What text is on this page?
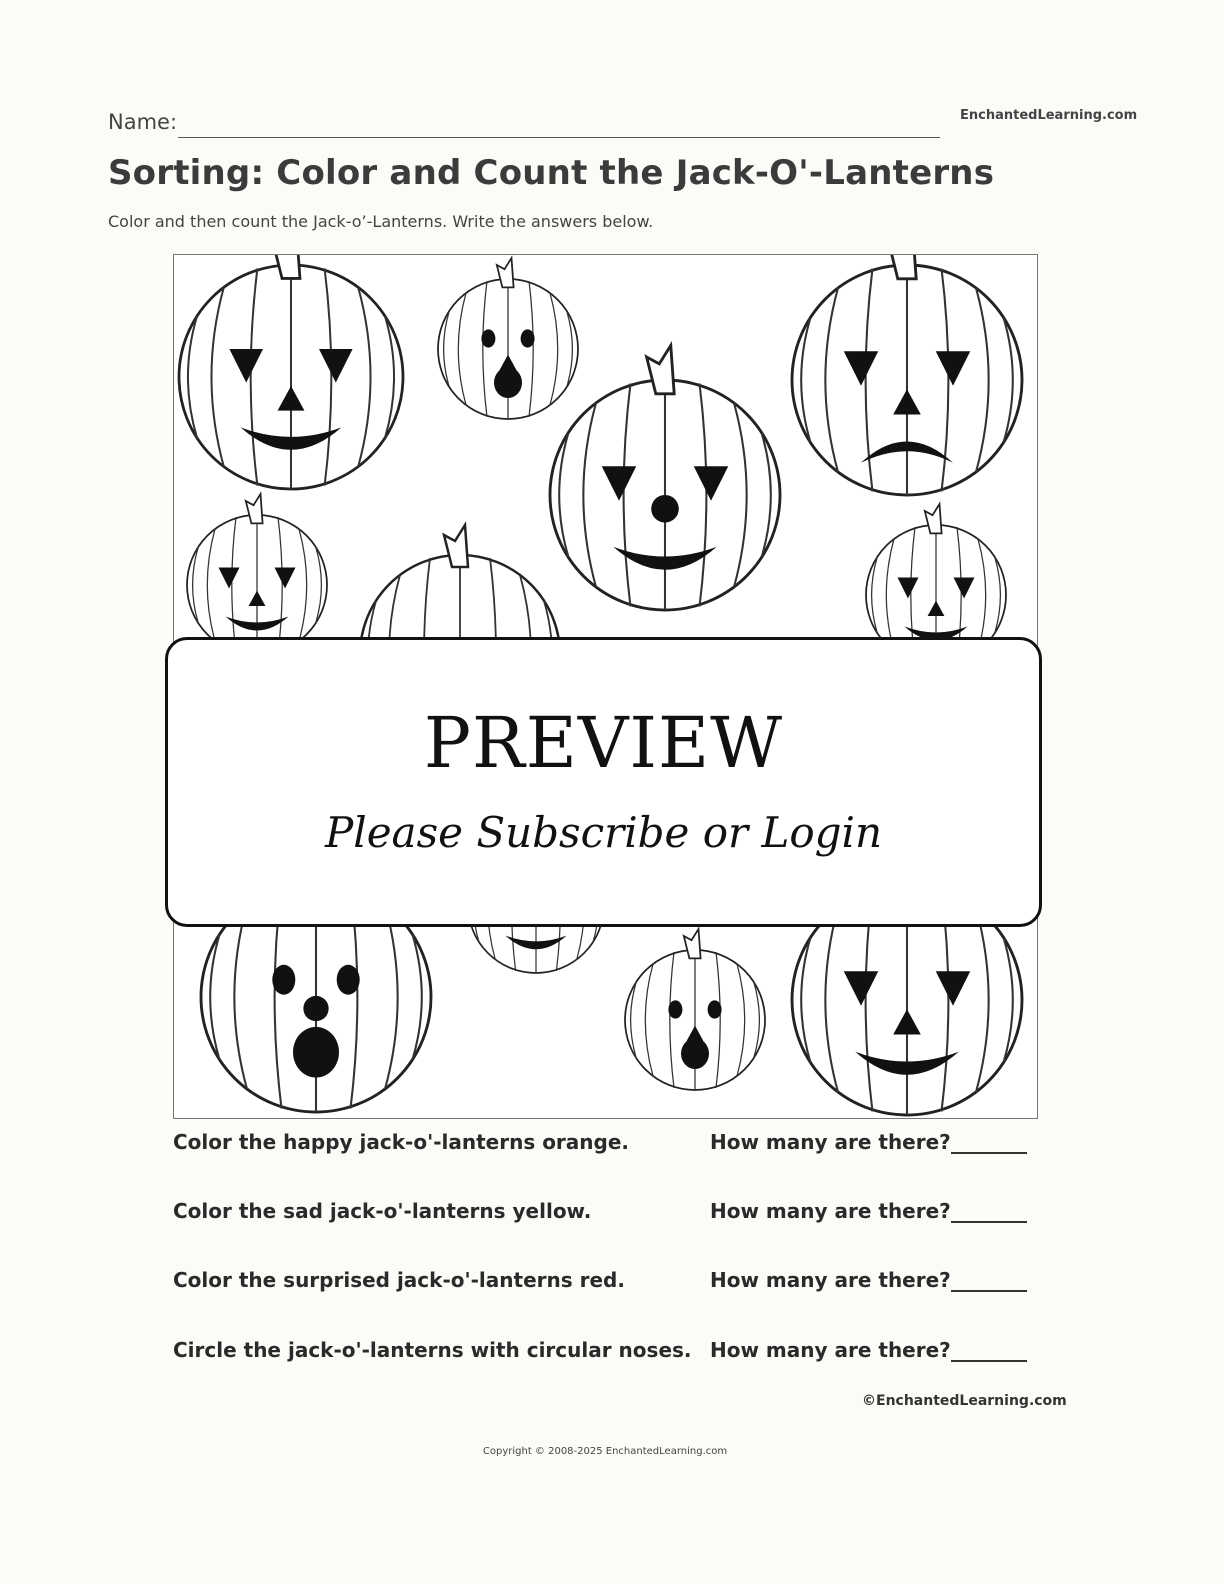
Name:	EnchantedLearning.com
Sorting: Color and Count the Jack-O'-Lanterns
Color and then count the Jack-o’-Lanterns. Write the answers below.
PREVIEW
Please Subscribe or Login
Color the happy jack-o'-lanterns orange.	How many are there?
Color the sad jack-o'-lanterns yellow.	How many are there?
Color the surprised jack-o'-lanterns red.	How many are there?
Circle the jack-o'-lanterns with circular noses. How many are there?
©EnchantedLearning.com
Copyright © 2008-2025 EnchantedLearning.com
